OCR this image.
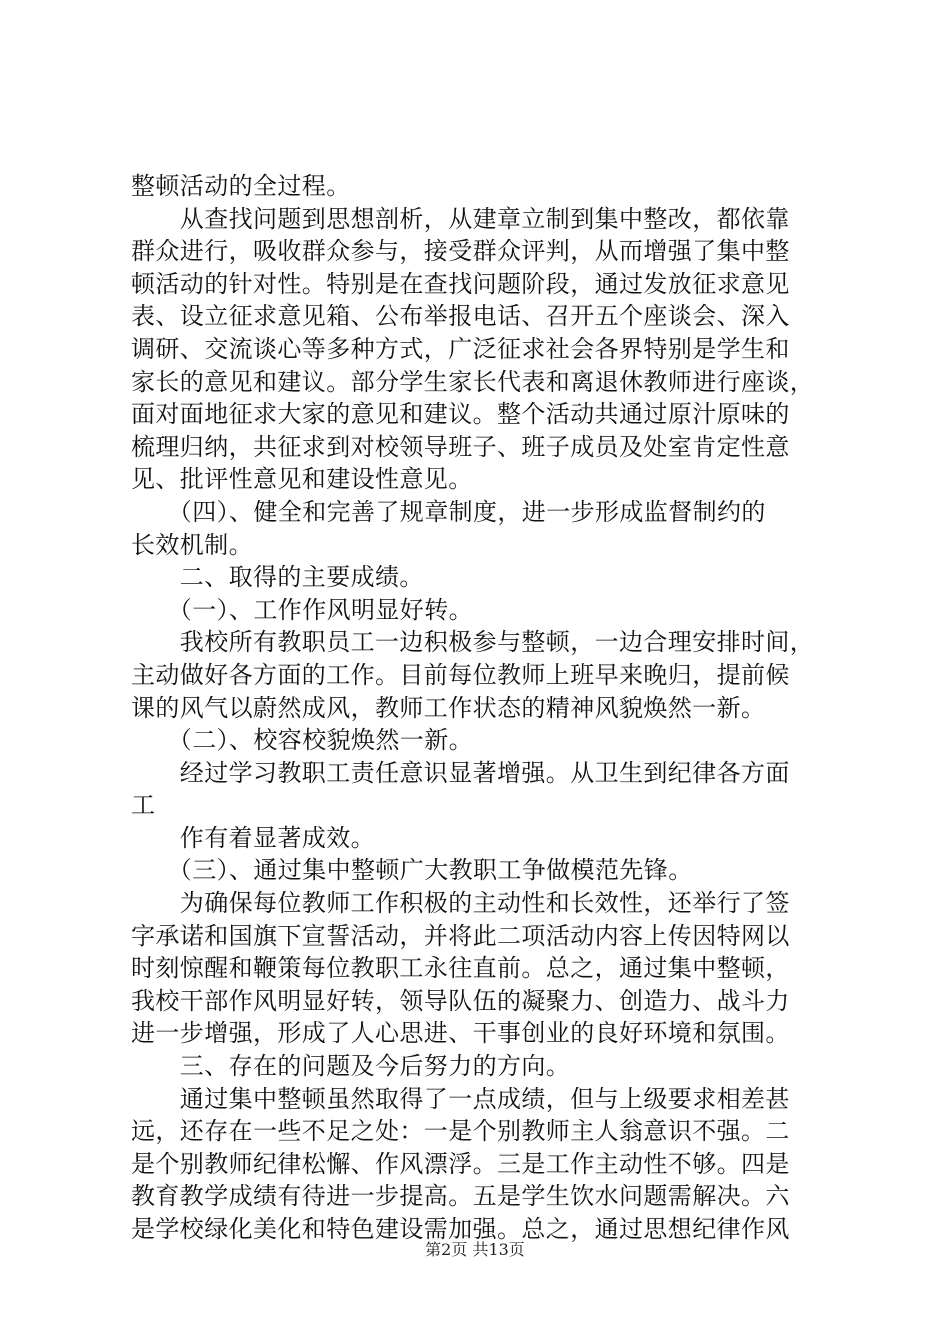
整顿活动的全过程。
　　从查找问题到思想剖析，从建章立制到集中整改，都依靠
群众进行，吸收群众参与，接受群众评判，从而增强了集中整
顿活动的针对性。特别是在查找问题阶段，通过发放征求意见
表、设立征求意见箱、公布举报电话、召开五个座谈会、深入
调研、交流谈心等多种方式，广泛征求社会各界特别是学生和
家长的意见和建议。部分学生家长代表和离退休教师进行座谈，
面对面地征求大家的意见和建议。整个活动共通过原汁原味的
梳理归纳，共征求到对校领导班子、班子成员及处室肯定性意
见、批评性意见和建设性意见。
　　（四）、健全和完善了规章制度，进一步形成监督制约的
长效机制。
　　二、取得的主要成绩。
　　（一）、工作作风明显好转。
　　我校所有教职员工一边积极参与整顿，一边合理安排时间，
主动做好各方面的工作。目前每位教师上班早来晚归，提前候
课的风气以蔚然成风，教师工作状态的精神风貌焕然一新。
　　（二）、校容校貌焕然一新。
　　经过学习教职工责任意识显著增强。从卫生到纪律各方面
工
　　作有着显著成效。
　　（三）、通过集中整顿广大教职工争做模范先锋。
　　为确保每位教师工作积极的主动性和长效性，还举行了签
字承诺和国旗下宣誓活动，并将此二项活动内容上传因特网以
时刻惊醒和鞭策每位教职工永往直前。总之，通过集中整顿，
我校干部作风明显好转，领导队伍的凝聚力、创造力、战斗力
进一步增强，形成了人心思进、干事创业的良好环境和氛围。
　　三、存在的问题及今后努力的方向。
　　通过集中整顿虽然取得了一点成绩，但与上级要求相差甚
远，还存在一些不足之处：一是个别教师主人翁意识不强。二
是个别教师纪律松懈、作风漂浮。三是工作主动性不够。四是
教育教学成绩有待进一步提高。五是学生饮水问题需解决。六
是学校绿化美化和特色建设需加强。总之，通过思想纪律作风
第2页 共13页
